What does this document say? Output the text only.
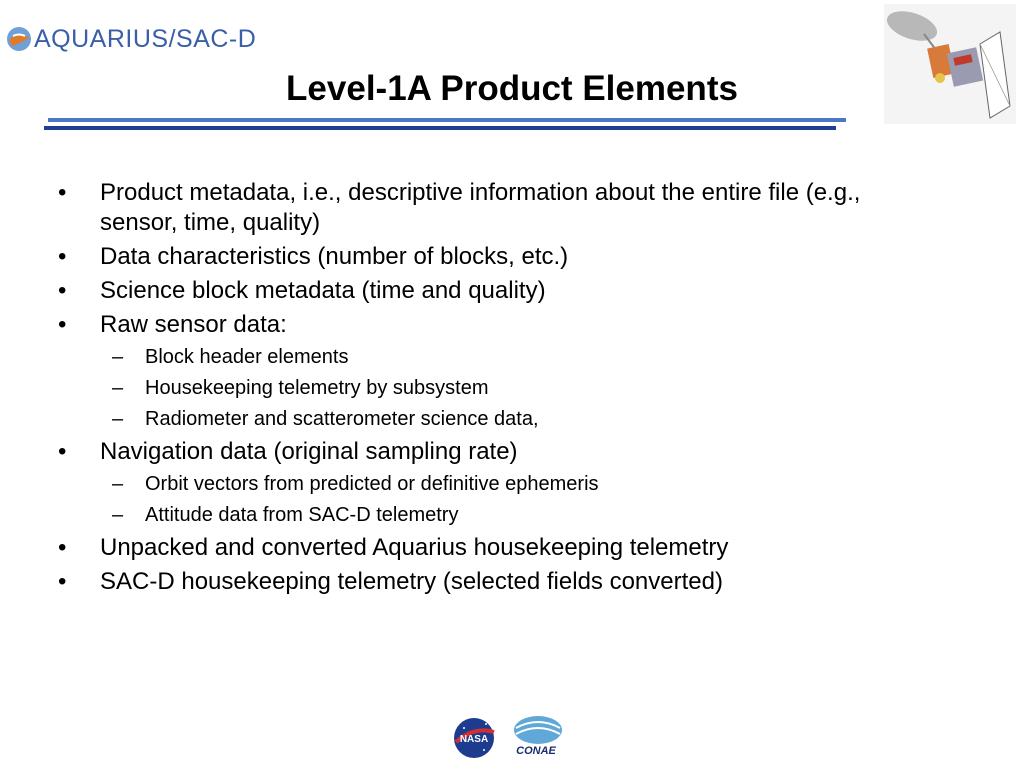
AQUARIUS/SAC-D
Level-1A Product Elements
• Product metadata, i.e., descriptive information about the entire file (e.g., sensor, time, quality)
• Data characteristics (number of blocks, etc.)
• Science block metadata (time and quality)
• Raw sensor data:
– Block header elements
– Housekeeping telemetry by subsystem
– Radiometer and scatterometer science data,
• Navigation data (original sampling rate)
– Orbit vectors from predicted or definitive ephemeris
– Attitude data from SAC-D telemetry
• Unpacked and converted Aquarius housekeeping telemetry
• SAC-D housekeeping telemetry (selected fields converted)
NASA
CONAE
